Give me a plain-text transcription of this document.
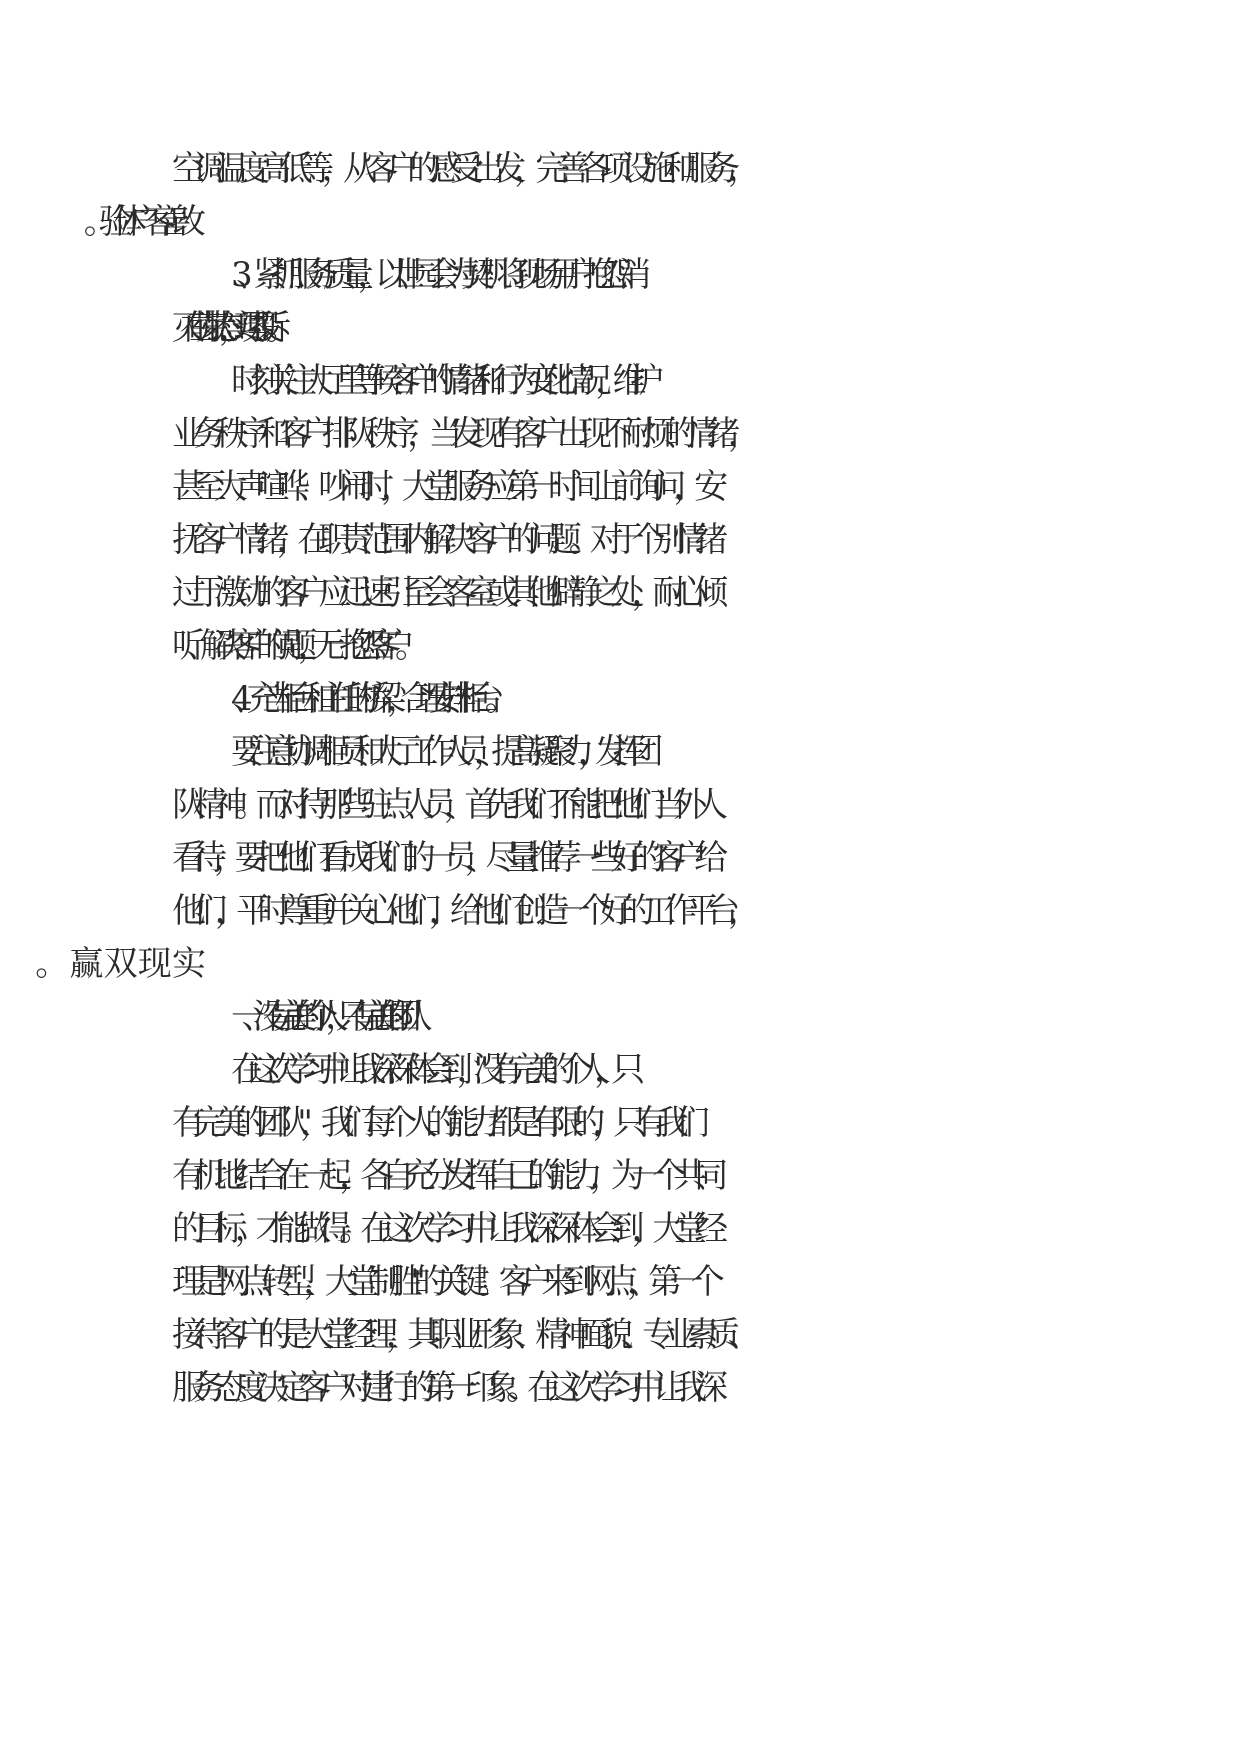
空调温度高低等，从客户的感受出发，完善各项设施和服务，

3、紧抓服务质量，以世园会为契机将现场用户抱怨消

灭在萌芽状态，实现零投诉。

时刻关注大厅里等候客户的情绪和行为变化情况，维护

业务秩序和客户排队秩序，当发现有客户出现不耐烦的情绪，

甚至大声喧哗、吵闹时，大堂服务应第一时间上前询问，安

抚客户情绪，在职责范围内解决客户的问题。对于个别情绪

过于激动的客户应迅速引至会客室或其他僻静之处，耐心倾

听、解决客户的问题，无一抱怨客户。

4、充当柜台和主任的桥梁，合理安排柜台。

要注意协调柜员和大厅工作人员，提高凝聚力，发挥团

队精神。而对待那些驻点人员，首先我们不能把他们当外人

看待，要把他们看成我们的一员，尽量推荐一些好的客户给

他们，平时尊重并关心他们，给他们创造一个好的工作平台，

一、没有完美的个人，只有完美的团队

在这次学习中让我深深体会到，"没有完美的个人，只

有完美的团队"，我们每个人的能力都是有限的，只有我们

有机地结合在一起，各自充分发挥自己的能力，为一个共同

的目标，才能做得。在这次学习中让我深深体会到，大堂经

理是"网点转型，大堂制胜"的关键。客户来到网点，第一个

接待客户的是大堂经理，其职业形象、精神面貌、专业素质、

服务态度决定客户对建行的第一印象。在这次学习中让我深
